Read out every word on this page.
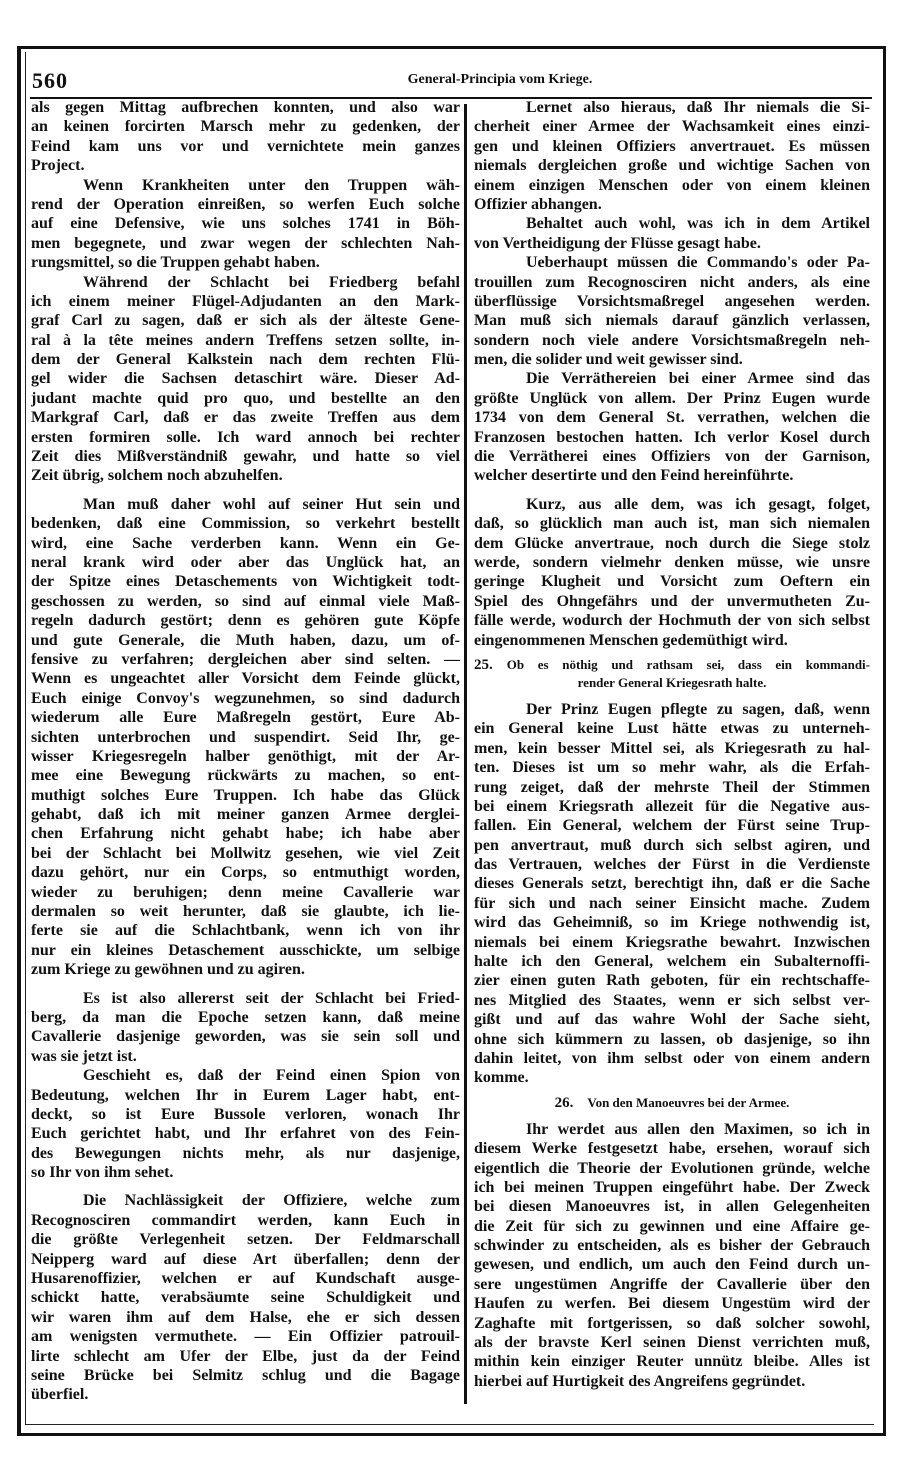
560	General-Principia vom Kriege.
als gegen Mittag aufbrechen konnten, und also war
an keinen forcirten Marsch mehr zu gedenken, der
Feind kam uns vor und vernichtete mein ganzes
Project.
Wenn Krankheiten unter den Truppen wäh-
rend der Operation einreißen, so werfen Euch solche
auf eine Defensive, wie uns solches 1741 in Böh-
men begegnete, und zwar wegen der schlechten Nah-
rungsmittel, so die Truppen gehabt haben.
Während der Schlacht bei Friedberg befahl
ich einem meiner Flügel-Adjudanten an den Mark-
graf Carl zu sagen, daß er sich als der älteste Gene-
ral à la tête meines andern Treffens setzen sollte, in-
dem der General Kalkstein nach dem rechten Flü-
gel wider die Sachsen detaschirt wäre. Dieser Ad-
judant machte quid pro quo, und bestellte an den
Markgraf Carl, daß er das zweite Treffen aus dem
ersten formiren solle. Ich ward annoch bei rechter
Zeit dies Mißverständniß gewahr, und hatte so viel
Zeit übrig, solchem noch abzuhelfen.
Man muß daher wohl auf seiner Hut sein und
bedenken, daß eine Commission, so verkehrt bestellt
wird, eine Sache verderben kann. Wenn ein Ge-
neral krank wird oder aber das Unglück hat, an
der Spitze eines Detaschements von Wichtigkeit todt-
geschossen zu werden, so sind auf einmal viele Maß-
regeln dadurch gestört; denn es gehören gute Köpfe
und gute Generale, die Muth haben, dazu, um of-
fensive zu verfahren; dergleichen aber sind selten. —
Wenn es ungeachtet aller Vorsicht dem Feinde glückt,
Euch einige Convoy's wegzunehmen, so sind dadurch
wiederum alle Eure Maßregeln gestört, Eure Ab-
sichten unterbrochen und suspendirt. Seid Ihr, ge-
wisser Kriegesregeln halber genöthigt, mit der Ar-
mee eine Bewegung rückwärts zu machen, so ent-
muthigt solches Eure Truppen. Ich habe das Glück
gehabt, daß ich mit meiner ganzen Armee derglei-
chen Erfahrung nicht gehabt habe; ich habe aber
bei der Schlacht bei Mollwitz gesehen, wie viel Zeit
dazu gehört, nur ein Corps, so entmuthigt worden,
wieder zu beruhigen; denn meine Cavallerie war
dermalen so weit herunter, daß sie glaubte, ich lie-
ferte sie auf die Schlachtbank, wenn ich von ihr
nur ein kleines Detaschement ausschickte, um selbige
zum Kriege zu gewöhnen und zu agiren.
Es ist also allererst seit der Schlacht bei Fried-
berg, da man die Epoche setzen kann, daß meine
Cavallerie dasjenige geworden, was sie sein soll und
was sie jetzt ist.
Geschieht es, daß der Feind einen Spion von
Bedeutung, welchen Ihr in Eurem Lager habt, ent-
deckt, so ist Eure Bussole verloren, wonach Ihr
Euch gerichtet habt, und Ihr erfahret von des Fein-
des Bewegungen nichts mehr, als nur dasjenige,
so Ihr von ihm sehet.
Die Nachlässigkeit der Offiziere, welche zum
Recognosciren commandirt werden, kann Euch in
die größte Verlegenheit setzen. Der Feldmarschall
Neipperg ward auf diese Art überfallen; denn der
Husarenoffizier, welchen er auf Kundschaft ausge-
schickt hatte, verabsäumte seine Schuldigkeit und
wir waren ihm auf dem Halse, ehe er sich dessen
am wenigsten vermuthete. — Ein Offizier patrouil-
lirte schlecht am Ufer der Elbe, just da der Feind
seine Brücke bei Selmitz schlug und die Bagage
überfiel.
Lernet also hieraus, daß Ihr niemals die Si-
cherheit einer Armee der Wachsamkeit eines einzi-
gen und kleinen Offiziers anvertrauet. Es müssen
niemals dergleichen große und wichtige Sachen von
einem einzigen Menschen oder von einem kleinen
Offizier abhangen.
Behaltet auch wohl, was ich in dem Artikel
von Vertheidigung der Flüsse gesagt habe.
Ueberhaupt müssen die Commando's oder Pa-
trouillen zum Recognosciren nicht anders, als eine
überflüssige Vorsichtsmaßregel angesehen werden.
Man muß sich niemals darauf gänzlich verlassen,
sondern noch viele andere Vorsichtsmaßregeln neh-
men, die solider und weit gewisser sind.
Die Verräthereien bei einer Armee sind das
größte Unglück von allem. Der Prinz Eugen wurde
1734 von dem General St. verrathen, welchen die
Franzosen bestochen hatten. Ich verlor Kosel durch
die Verrätherei eines Offiziers von der Garnison,
welcher desertirte und den Feind hereinführte.
Kurz, aus alle dem, was ich gesagt, folget,
daß, so glücklich man auch ist, man sich niemalen
dem Glücke anvertraue, noch durch die Siege stolz
werde, sondern vielmehr denken müsse, wie unsre
geringe Klugheit und Vorsicht zum Oeftern ein
Spiel des Ohngefährs und der unvermutheten Zu-
fälle werde, wodurch der Hochmuth der von sich selbst
eingenommenen Menschen gedemüthigt wird.
25. Ob es nöthig und rathsam sei, dass ein kommandi-
render General Kriegesrath halte.
Der Prinz Eugen pflegte zu sagen, daß, wenn
ein General keine Lust hätte etwas zu unterneh-
men, kein besser Mittel sei, als Kriegesrath zu hal-
ten. Dieses ist um so mehr wahr, als die Erfah-
rung zeiget, daß der mehrste Theil der Stimmen
bei einem Kriegsrath allezeit für die Negative aus-
fallen. Ein General, welchem der Fürst seine Trup-
pen anvertraut, muß durch sich selbst agiren, und
das Vertrauen, welches der Fürst in die Verdienste
dieses Generals setzt, berechtigt ihn, daß er die Sache
für sich und nach seiner Einsicht mache. Zudem
wird das Geheimniß, so im Kriege nothwendig ist,
niemals bei einem Kriegsrathe bewahrt. Inzwischen
halte ich den General, welchem ein Subalternoffi-
zier einen guten Rath geboten, für ein rechtschaffe-
nes Mitglied des Staates, wenn er sich selbst ver-
gißt und auf das wahre Wohl der Sache sieht,
ohne sich kümmern zu lassen, ob dasjenige, so ihn
dahin leitet, von ihm selbst oder von einem andern
komme.
26. Von den Manoeuvres bei der Armee.
Ihr werdet aus allen den Maximen, so ich in
diesem Werke festgesetzt habe, ersehen, worauf sich
eigentlich die Theorie der Evolutionen gründe, welche
ich bei meinen Truppen eingeführt habe. Der Zweck
bei diesen Manoeuvres ist, in allen Gelegenheiten
die Zeit für sich zu gewinnen und eine Affaire ge-
schwinder zu entscheiden, als es bisher der Gebrauch
gewesen, und endlich, um auch den Feind durch un-
sere ungestümen Angriffe der Cavallerie über den
Haufen zu werfen. Bei diesem Ungestüm wird der
Zaghafte mit fortgerissen, so daß solcher sowohl,
als der bravste Kerl seinen Dienst verrichten muß,
mithin kein einziger Reuter unnütz bleibe. Alles ist
hierbei auf Hurtigkeit des Angreifens gegründet.
